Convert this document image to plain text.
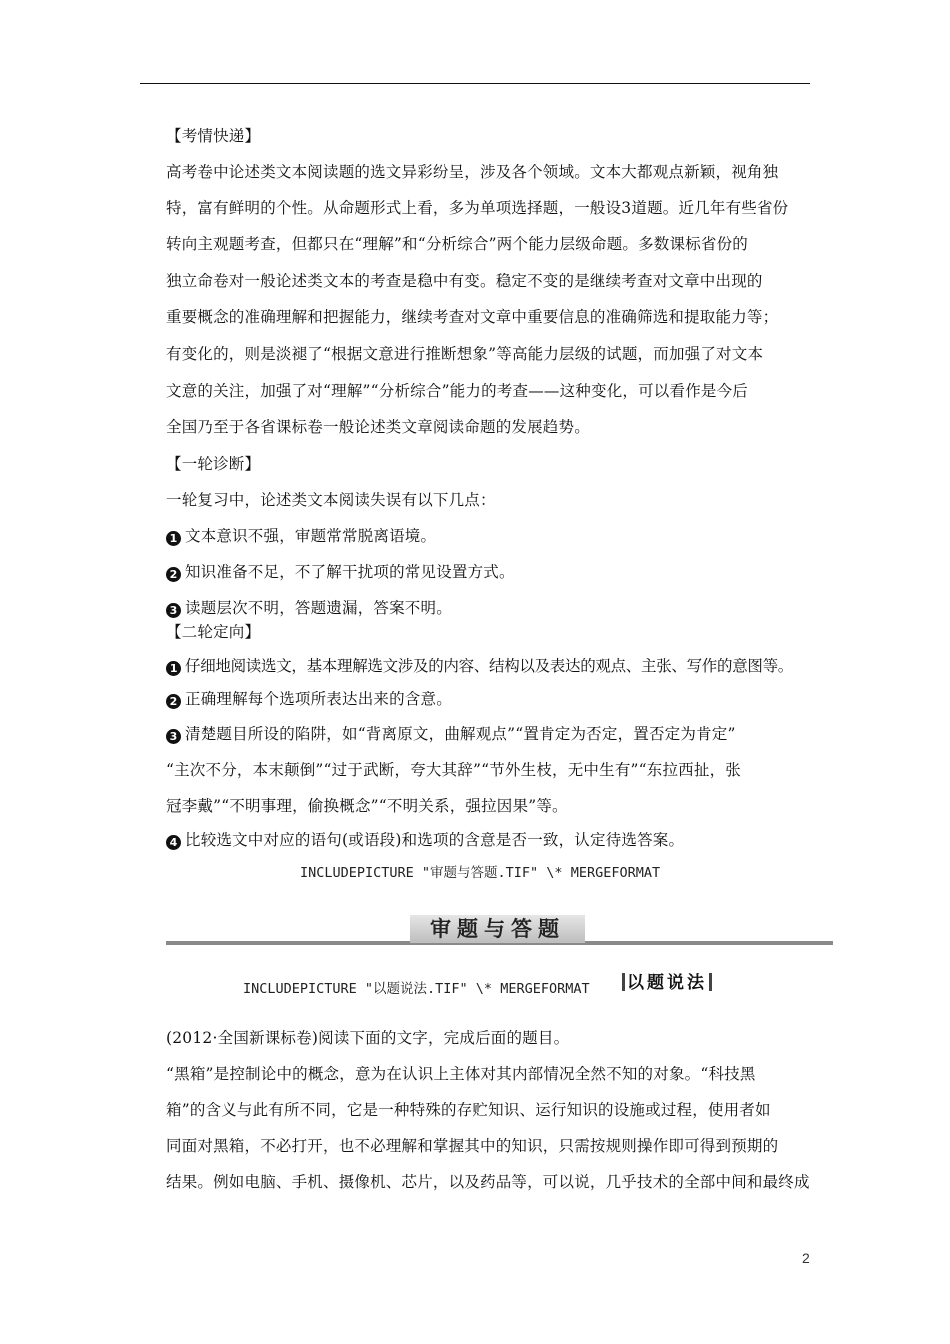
【考情快递】
高考卷中论述类文本阅读题的选文异彩纷呈，涉及各个领域。文本大都观点新颖，视角独
特，富有鲜明的个性。从命题形式上看，多为单项选择题，一般设3道题。近几年有些省份
转向主观题考查，但都只在“理解”和“分析综合”两个能力层级命题。多数课标省份的
独立命卷对一般论述类文本的考查是稳中有变。稳定不变的是继续考查对文章中出现的
重要概念的准确理解和把握能力，继续考查对文章中重要信息的准确筛选和提取能力等；
有变化的，则是淡褪了“根据文意进行推断想象”等高能力层级的试题，而加强了对文本
文意的关注，加强了对“理解”“分析综合”能力的考查——这种变化，可以看作是今后
全国乃至于各省课标卷一般论述类文章阅读命题的发展趋势。
【一轮诊断】
一轮复习中，论述类文本阅读失误有以下几点：
1 文本意识不强，审题常常脱离语境。
2 知识准备不足，不了解干扰项的常见设置方式。
3 读题层次不明，答题遗漏，答案不明。
【二轮定向】
1 仔细地阅读选文，基本理解选文涉及的内容、结构以及表达的观点、主张、写作的意图等。
2 正确理解每个选项所表达出来的含意。
3 清楚题目所设的陷阱，如“背离原文，曲解观点”“置肯定为否定，置否定为肯定”
“主次不分，本末颠倒”“过于武断，夸大其辞”“节外生枝，无中生有”“东拉西扯，张
冠李戴”“不明事理，偷换概念”“不明关系，强拉因果”等。
4 比较选文中对应的语句(或语段)和选项的含意是否一致，认定待选答案。
INCLUDEPICTURE "审题与答题.TIF" \* MERGEFORMAT
审题与答题
INCLUDEPICTURE "以题说法.TIF" \* MERGEFORMAT	以题说法
(2012·全国新课标卷)阅读下面的文字，完成后面的题目。
“黑箱”是控制论中的概念，意为在认识上主体对其内部情况全然不知的对象。“科技黑
箱”的含义与此有所不同，它是一种特殊的存贮知识、运行知识的设施或过程，使用者如
同面对黑箱，不必打开，也不必理解和掌握其中的知识，只需按规则操作即可得到预期的
结果。例如电脑、手机、摄像机、芯片，以及药品等，可以说，几乎技术的全部中间和最终成
2
